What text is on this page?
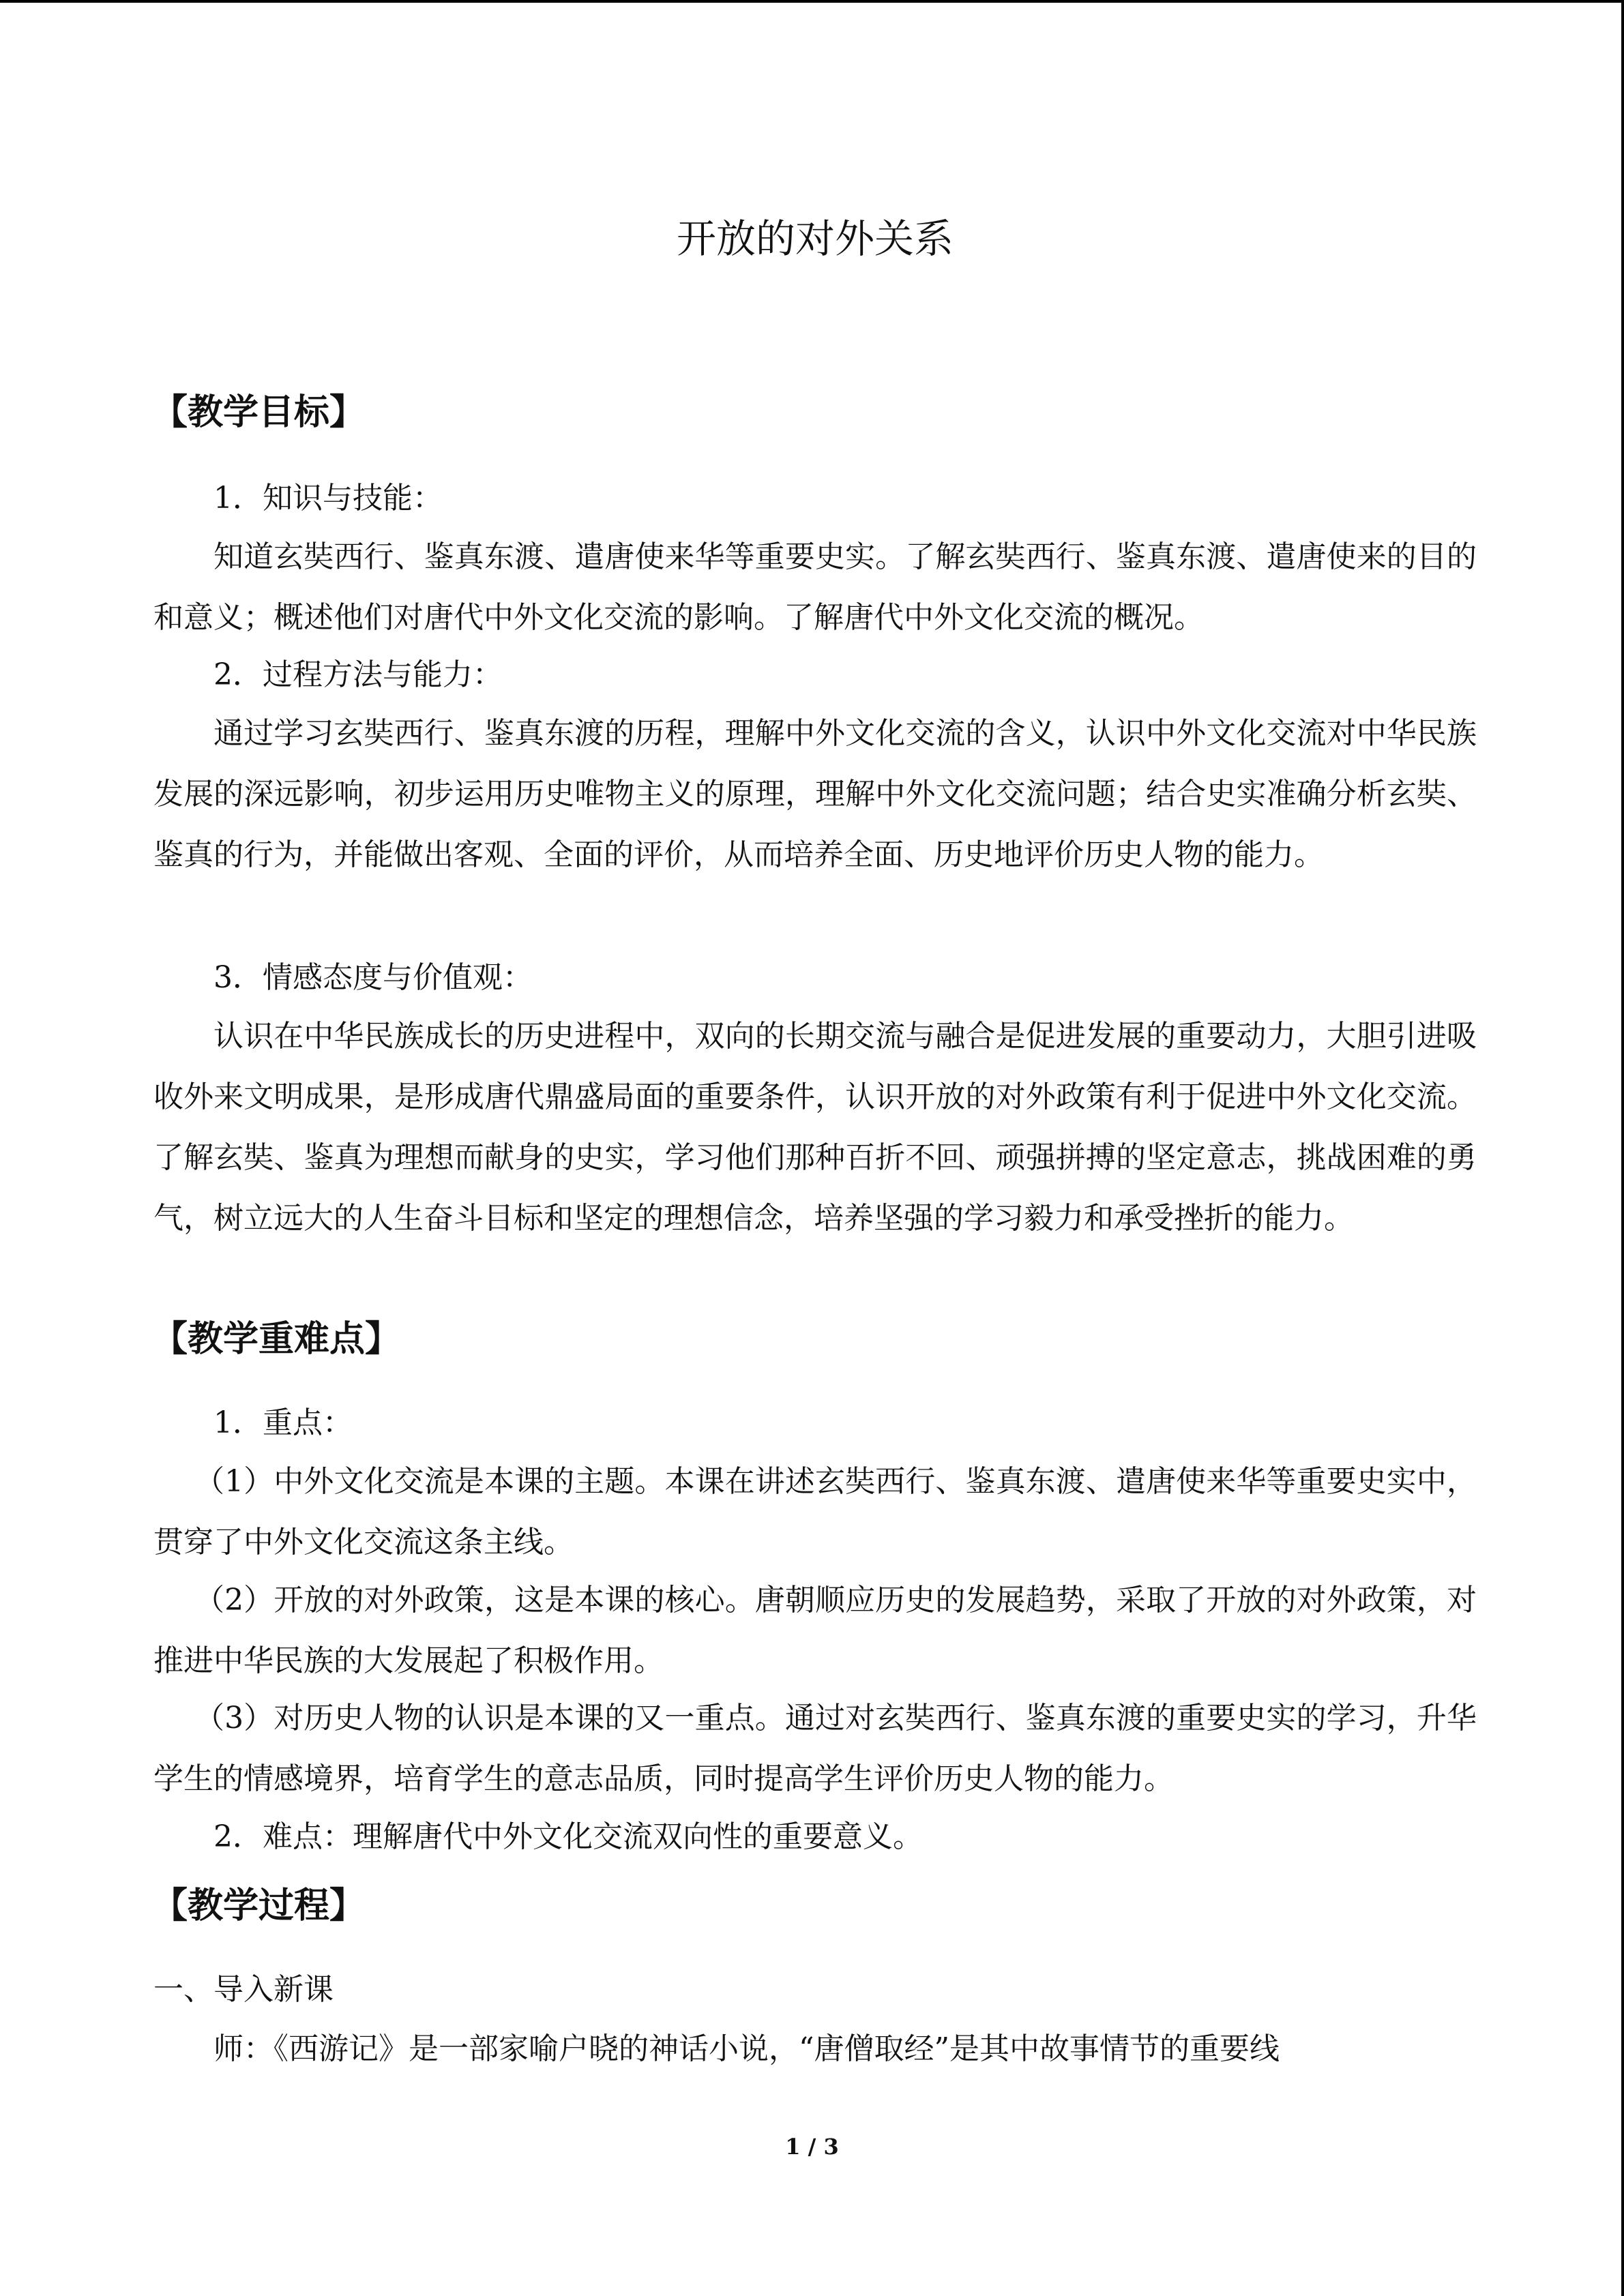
开放的对外关系
【教学目标】

1．知识与技能：

知道玄奘西行、鉴真东渡、遣唐使来华等重要史实。了解玄奘西行、鉴真东渡、遣唐使来的目的和意义；概述他们对唐代中外文化交流的影响。了解唐代中外文化交流的概况。

2．过程方法与能力：

通过学习玄奘西行、鉴真东渡的历程，理解中外文化交流的含义，认识中外文化交流对中华民族发展的深远影响，初步运用历史唯物主义的原理，理解中外文化交流问题；结合史实准确分析玄奘、鉴真的行为，并能做出客观、全面的评价，从而培养全面、历史地评价历史人物的能力。

3．情感态度与价值观：

认识在中华民族成长的历史进程中，双向的长期交流与融合是促进发展的重要动力，大胆引进吸收外来文明成果，是形成唐代鼎盛局面的重要条件，认识开放的对外政策有利于促进中外文化交流。了解玄奘、鉴真为理想而献身的史实，学习他们那种百折不回、顽强拼搏的坚定意志，挑战困难的勇气，树立远大的人生奋斗目标和坚定的理想信念，培养坚强的学习毅力和承受挫折的能力。

【教学重难点】

1．重点：

（1）中外文化交流是本课的主题。本课在讲述玄奘西行、鉴真东渡、遣唐使来华等重要史实中，贯穿了中外文化交流这条主线。

（2）开放的对外政策，这是本课的核心。唐朝顺应历史的发展趋势，采取了开放的对外政策，对推进中华民族的大发展起了积极作用。

（3）对历史人物的认识是本课的又一重点。通过对玄奘西行、鉴真东渡的重要史实的学习，升华学生的情感境界，培育学生的意志品质，同时提高学生评价历史人物的能力。

2．难点：理解唐代中外文化交流双向性的重要意义。

【教学过程】

一、导入新课

师：《西游记》是一部家喻户晓的神话小说，“唐僧取经”是其中故事情节的重要线

1 / 3
